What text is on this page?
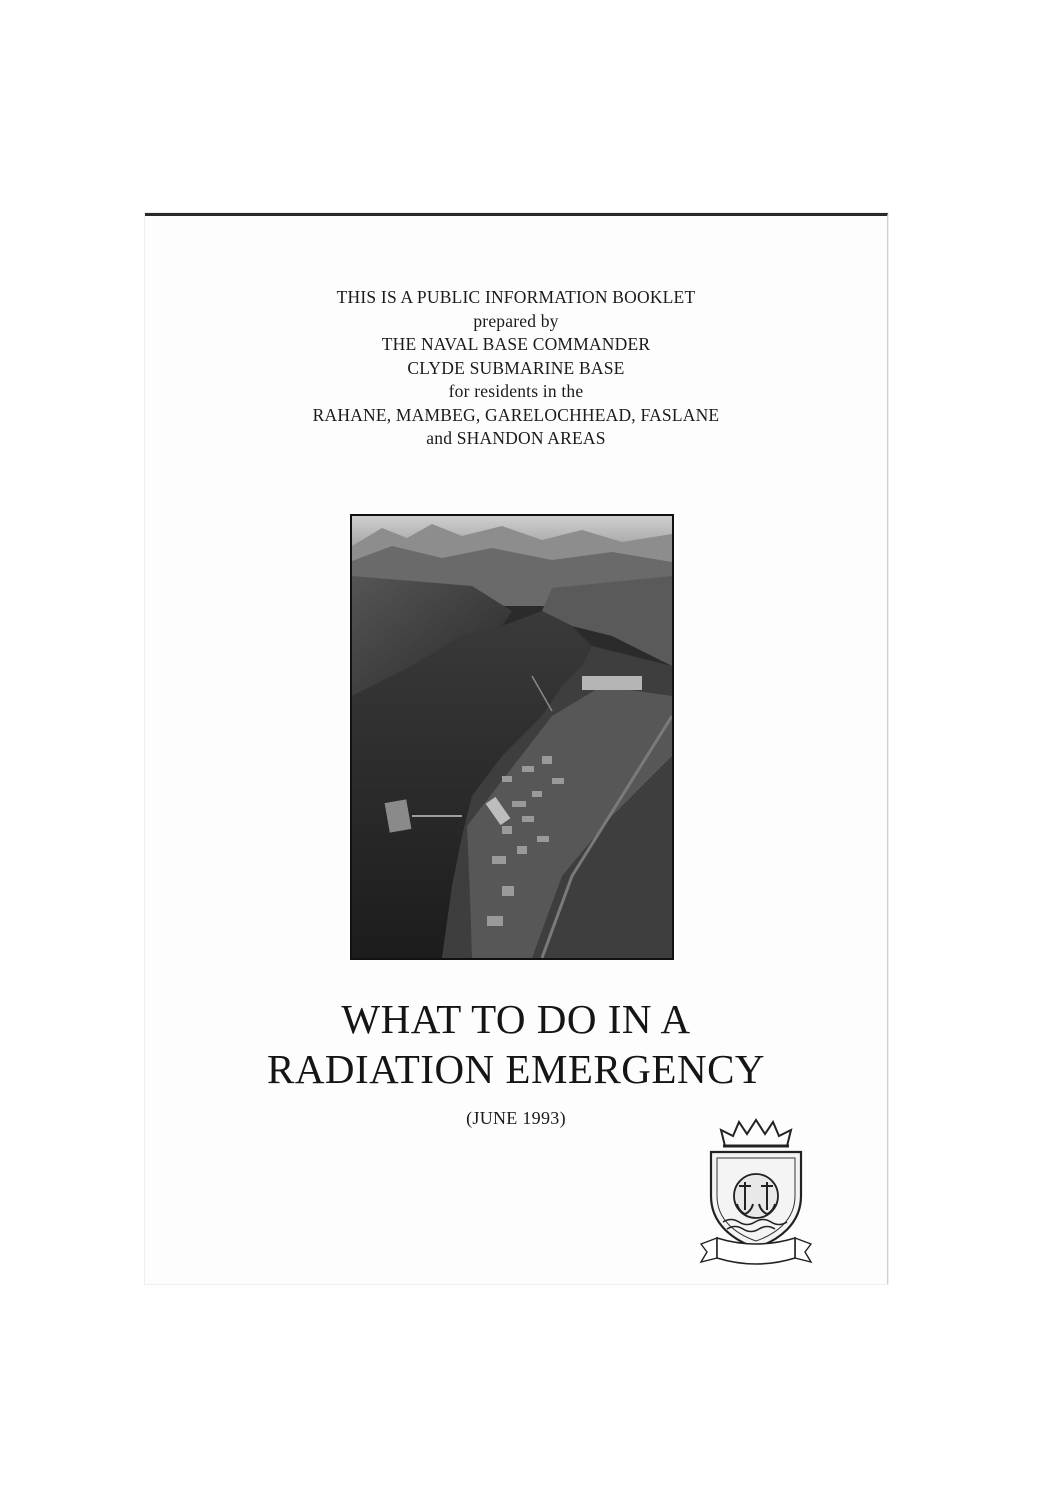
THIS IS A PUBLIC INFORMATION BOOKLET
prepared by
THE NAVAL BASE COMMANDER
CLYDE SUBMARINE BASE
for residents in the
RAHANE, MAMBEG, GARELOCHHEAD, FASLANE
and SHANDON AREAS
WHAT TO DO IN A
RADIATION EMERGENCY
(JUNE 1993)
